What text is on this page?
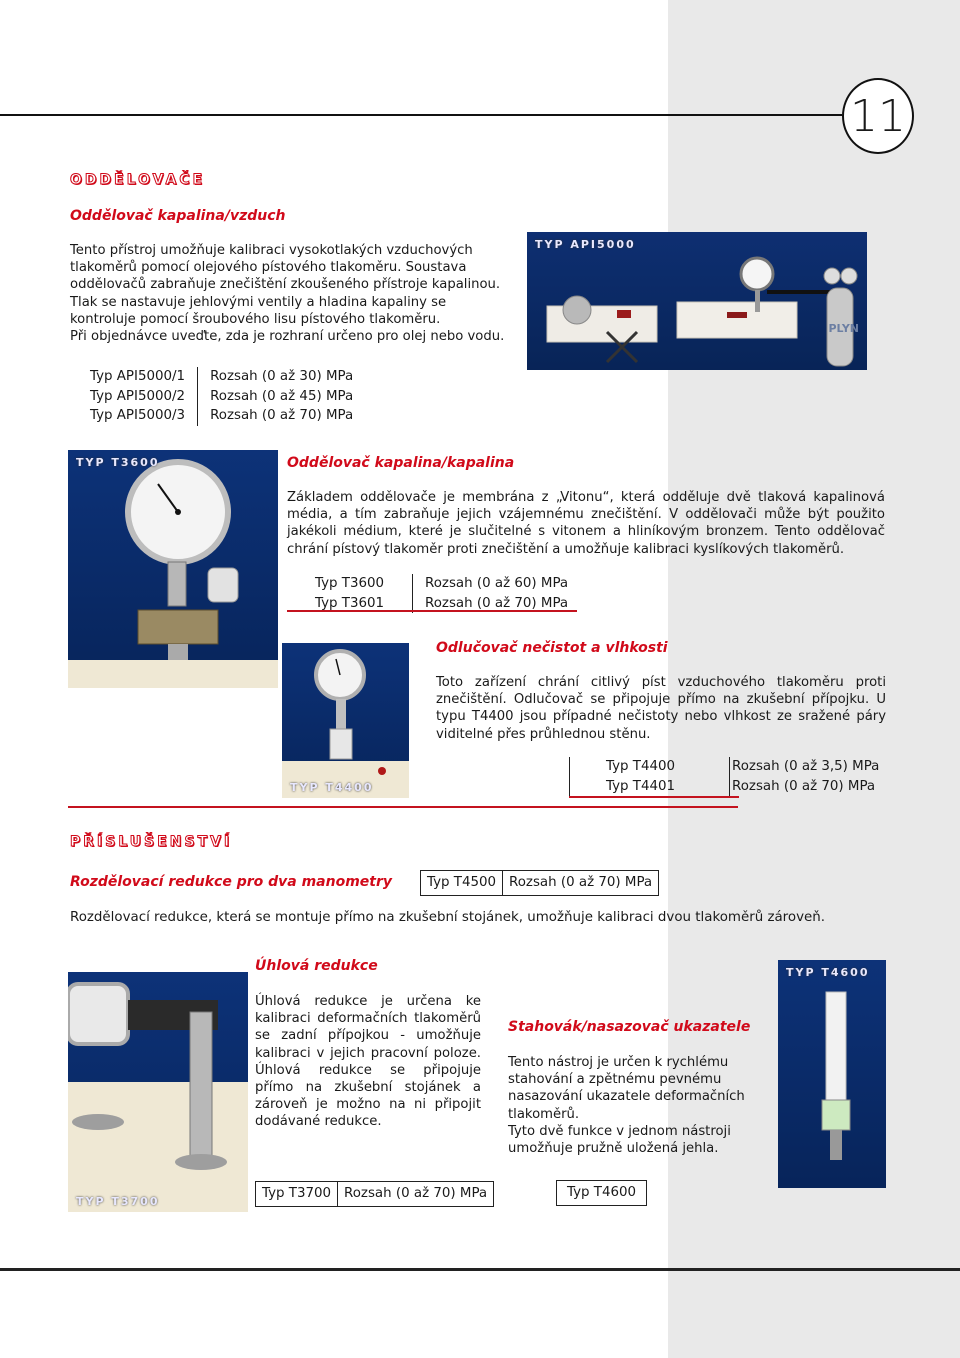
11
ODDĚLOVAČE
Oddělovač kapalina/vzduch
Tento přístroj umožňuje kalibraci vysokotlakých vzduchových tlakoměrů pomocí olejového pístového tlakoměru. Soustava oddělovačů zabraňuje znečištění zkoušeného přístroje kapalinou. Tlak se nastavuje jehlovými ventily a hladina kapaliny se kontroluje pomocí šroubového lisu pístového tlakoměru.
Při objednávce uveďte, zda je rozhraní určeno pro olej nebo vodu.
TYP API5000
PLYN
Typ API5000/1	Rozsah (0 až 30) MPa
Typ API5000/2	Rozsah (0 až 45) MPa
Typ API5000/3	Rozsah (0 až 70) MPa
TYP T3600	Oddělovač kapalina/kapalina
Základem oddělovače je membrána z „Vitonu“, která odděluje dvě tlaková kapalinová média, a tím zabraňuje jejich vzájemnému znečištění. V oddělovači může být použito jakékoli médium, které je slučitelné s vitonem a hliníkovým bronzem. Tento oddělovač chrání pístový tlakoměr proti znečištění a umožňuje kalibraci kyslíkových tlakoměrů.
Typ T3600	Rozsah (0 až 60) MPa
Typ T3601	Rozsah (0 až 70) MPa
TYP T4400
Odlučovač nečistot a vlhkosti
Toto zařízení chrání citlivý píst vzduchového tlakoměru proti znečištění. Odlučovač se připojuje přímo na zkušební přípojku. U typu T4400 jsou případné nečistoty nebo vlhkost ze sražené páry viditelné přes průhlednou stěnu.
Typ T4400	Rozsah (0 až 3,5) MPa
Typ T4401	Rozsah (0 až 70) MPa
PŘÍSLUŠENSTVÍ
Rozdělovací redukce pro dva manometry	Typ T4500	Rozsah (0 až 70) MPa
Rozdělovací redukce, která se montuje přímo na zkušební stojánek, umožňuje kalibraci dvou tlakoměrů zároveň.
TYP T3700
Úhlová redukce
Úhlová redukce je určena ke kalibraci deformačních tlakoměrů se zadní přípojkou - umožňuje kalibraci v jejich pracovní poloze. Úhlová redukce se připojuje přímo na zkušební stojánek a zároveň je možno na ni připojit dodávané redukce.
Typ T3700	Rozsah (0 až 70) MPa
Stahovák/nasazovač ukazatele
Tento nástroj je určen k rychlému stahování a zpětnému pevnému nasazování ukazatele deformačních tlakoměrů.
Tyto dvě funkce v jednom nástroji umožňuje pružně uložená jehla.
Typ T4600
TYP T4600
